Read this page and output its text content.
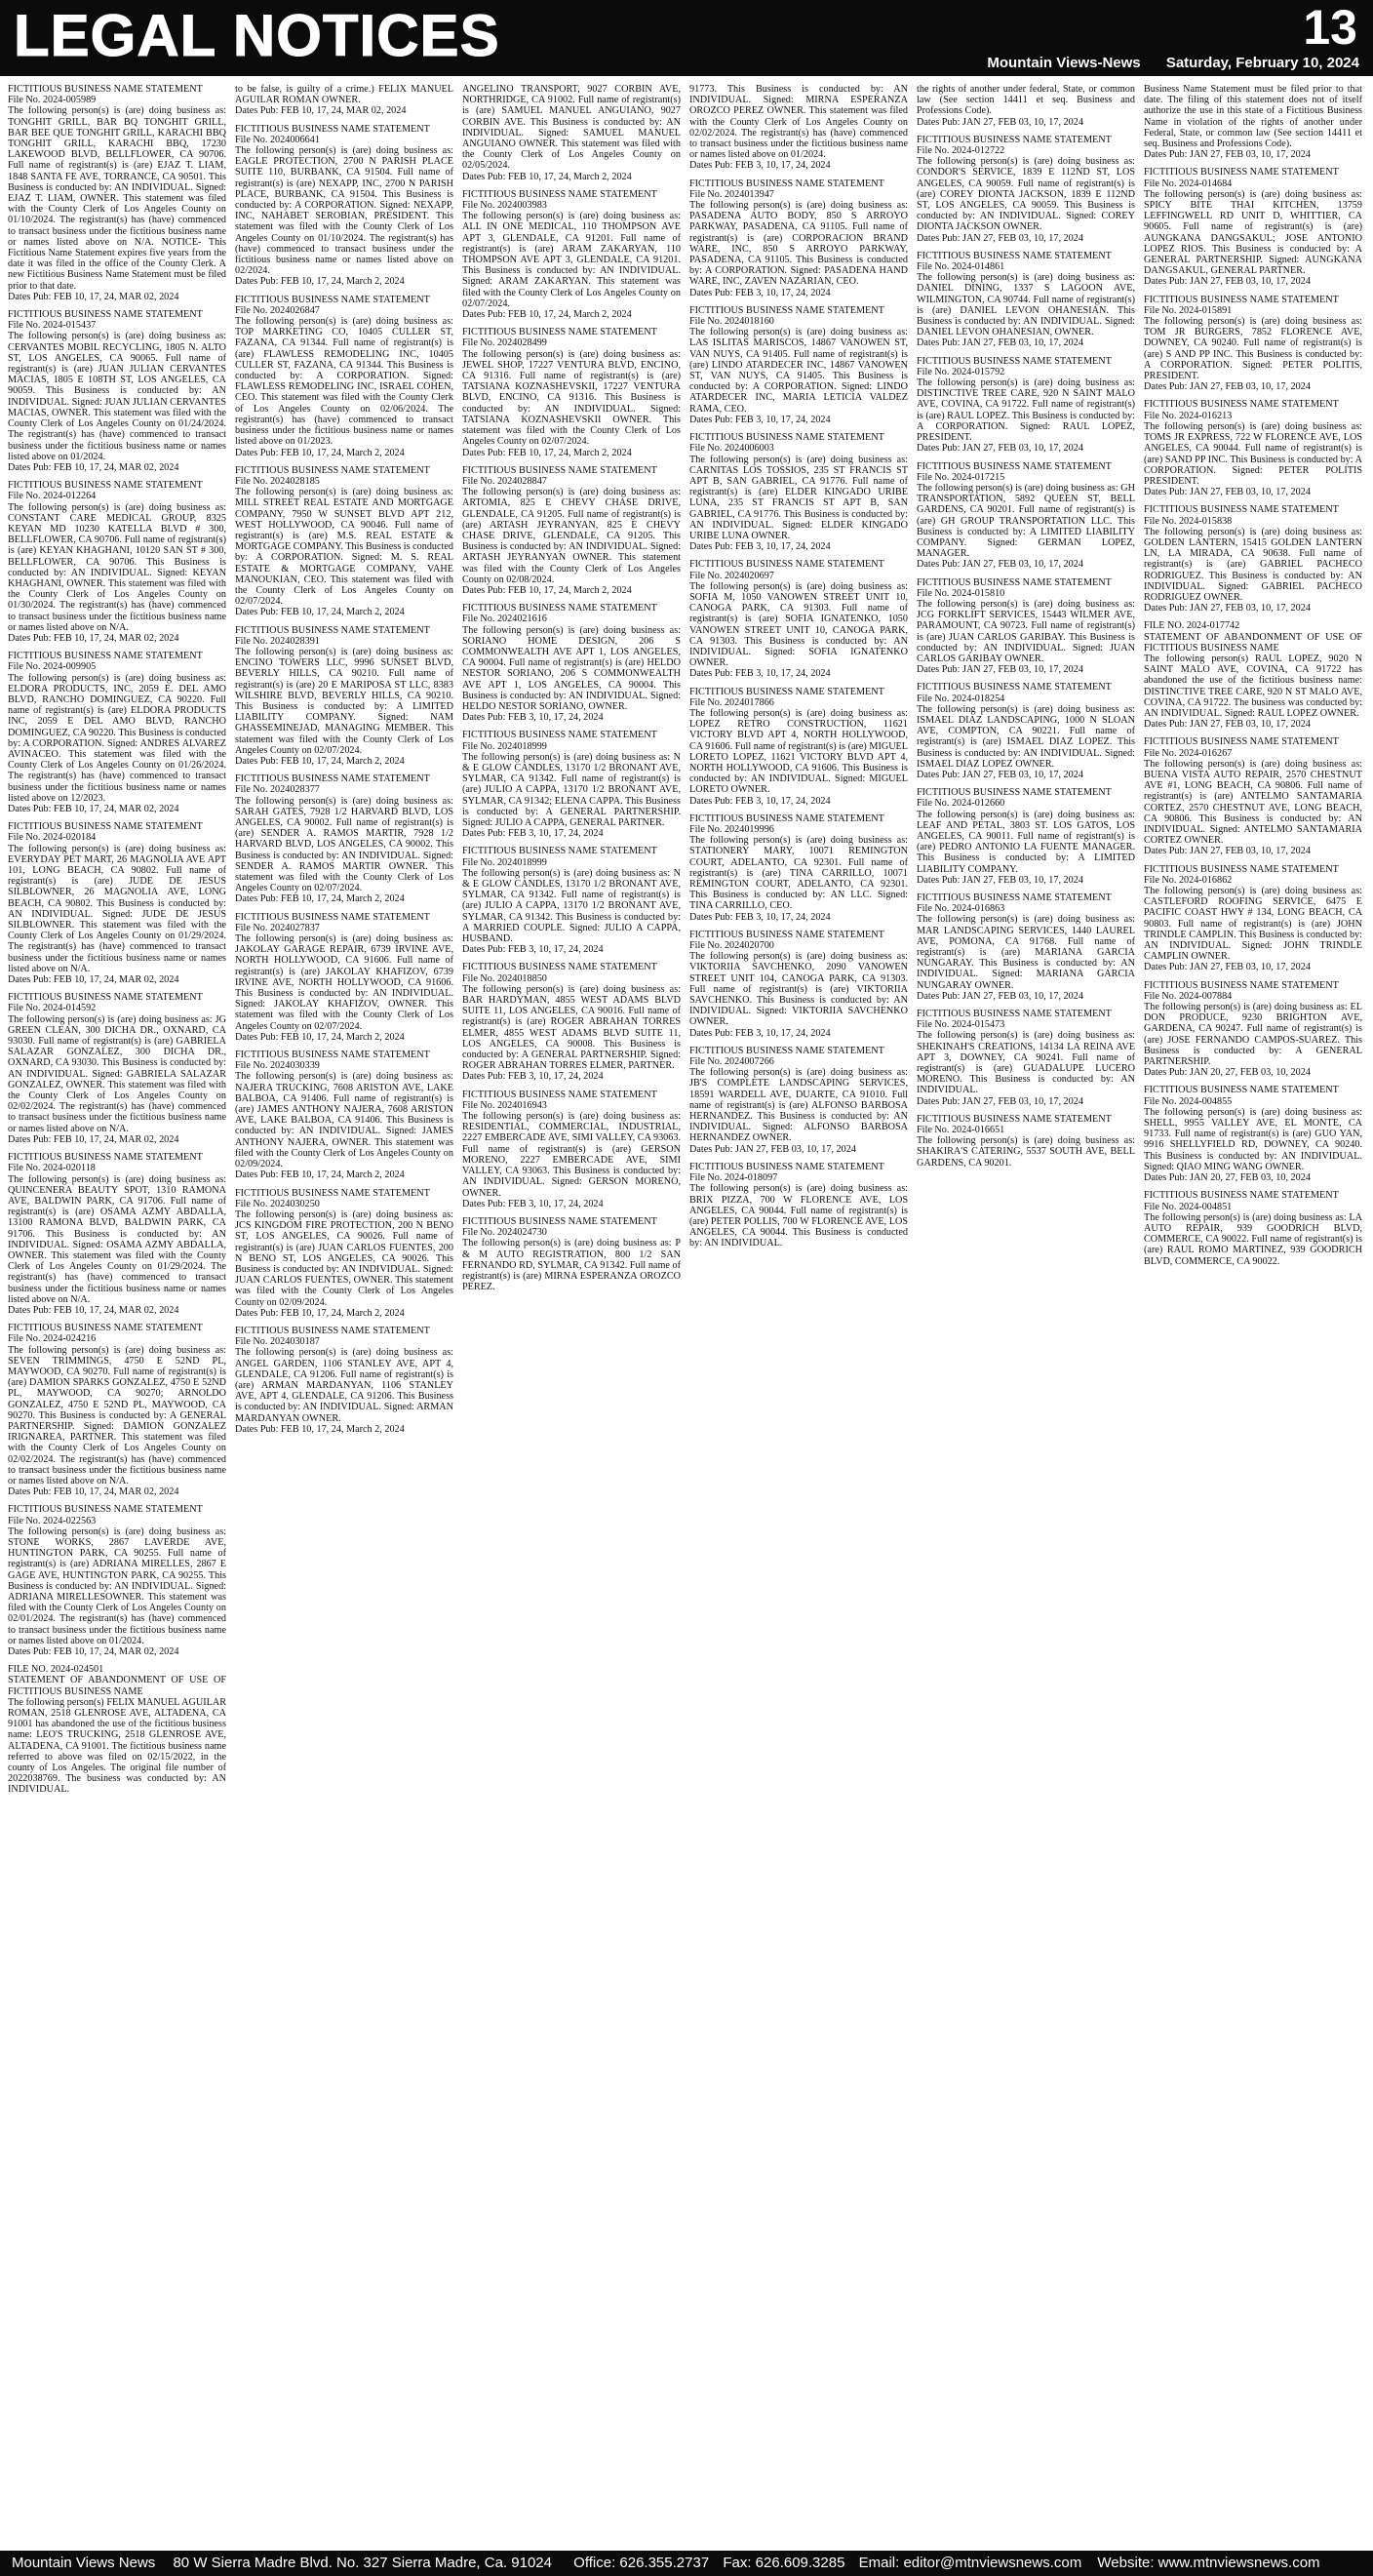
LEGAL NOTICES	13
Mountain Views-News Saturday, February 10, 2024
FICTITIOUS BUSINESS NAME STATEMENT
File No. 2024-005989
The following person(s) is (are) doing business as: TONGHIT GRILL, BAR BQ TONGHIT GRILL, BAR BEE QUE TONGHIT GRILL, KARACHI BBQ TONGHIT GRILL, KARACHI BBQ, 17230 LAKEWOOD BLVD, BELLFLOWER, CA 90706. Full name of registrant(s) is (are) EJAZ T. LIAM, 1848 SANTA FE AVE, TORRANCE, CA 90501. This Business is conducted by: AN INDIVIDUAL. Signed: EJAZ T. LIAM, OWNER. This statement was filed with the County Clerk of Los Angeles County on 01/10/2024. The registrant(s) has (have) commenced to transact business under the fictitious business name or names listed above on N/A. NOTICE- This Fictitious Name Statement expires five years from the date it was filed in the office of the County Clerk. A new Fictitious Business Name Statement must be filed prior to that date.
Dates Pub: FEB 10, 17, 24, MAR 02, 2024
FICTITIOUS BUSINESS NAME STATEMENT
File No. 2024-015437
The following person(s) is (are) doing business as: CERVANTES MOBIL RECYCLING, 1805 N. ALTO ST, LOS ANGELES, CA 90065. Full name of registrant(s) is (are) JUAN JULIAN CERVANTES MACIAS, 1805 E 108TH ST, LOS ANGELES, CA 90059. This Business is conducted by: AN INDIVIDUAL. Signed: JUAN JULIAN CERVANTES MACIAS, OWNER. This statement was filed with the County Clerk of Los Angeles County on 01/24/2024. The registrant(s) has (have) commenced to transact business under the fictitious business name or names listed above on 01/2024.
Dates Pub: FEB 10, 17, 24, MAR 02, 2024
FICTITIOUS BUSINESS NAME STATEMENT
File No. 2024-012264
The following person(s) is (are) doing business as: CONSTANT CARE MEDICAL GROUP, 8325 KEYAN MD 10230 KATELLA BLVD # 300, BELLFLOWER, CA 90706. Full name of registrant(s) is (are) KEYAN KHAGHANI, 10120 SAN ST # 300, BELLFLOWER, CA 90706. This Business is conducted by: AN INDIVIDUAL. Signed: KEYAN KHAGHANI, OWNER. This statement was filed with the County Clerk of Los Angeles County on 01/30/2024. The registrant(s) has (have) commenced to transact business under the fictitious business name or names listed above on N/A.
Dates Pub: FEB 10, 17, 24, MAR 02, 2024
FICTITIOUS BUSINESS NAME STATEMENT
File No. 2024-009905
The following person(s) is (are) doing business as: ELDORA PRODUCTS, INC, 2059 E. DEL AMO BLVD, RANCHO DOMINGUEZ, CA 90220. Full name of registrant(s) is (are) ELDORA PRODUCTS INC, 2059 E DEL AMO BLVD, RANCHO DOMINGUEZ, CA 90220. This Business is conducted by: A CORPORATION. Signed: ANDRES ALVAREZ AVINACEO. This statement was filed with the County Clerk of Los Angeles County on 01/26/2024. The registrant(s) has (have) commenced to transact business under the fictitious business name or names listed above on 12/2023.
Dates Pub: FEB 10, 17, 24, MAR 02, 2024
FICTITIOUS BUSINESS NAME STATEMENT
File No. 2024-020184
The following person(s) is (are) doing business as: EVERYDAY PET MART, 26 MAGNOLIA AVE APT 101, LONG BEACH, CA 90802. Full name of registrant(s) is (are) JUDE DE JESUS SILBLOWNER, 26 MAGNOLIA AVE, LONG BEACH, CA 90802. This Business is conducted by: AN INDIVIDUAL. Signed: JUDE DE JESUS SILBLOWNER. This statement was filed with the County Clerk of Los Angeles County on 01/29/2024. The registrant(s) has (have) commenced to transact business under the fictitious business name or names listed above on N/A.
Dates Pub: FEB 10, 17, 24, MAR 02, 2024
FICTITIOUS BUSINESS NAME STATEMENT
File No. 2024-014592
The following person(s) is (are) doing business as: JG GREEN CLEAN, 300 DICHA DR., OXNARD, CA 93030. Full name of registrant(s) is (are) GABRIELA SALAZAR GONZALEZ, 300 DICHA DR., OXNARD, CA 93030. This Business is conducted by: AN INDIVIDUAL. Signed: GABRIELA SALAZAR GONZALEZ, OWNER. This statement was filed with the County Clerk of Los Angeles County on 02/02/2024. The registrant(s) has (have) commenced to transact business under the fictitious business name or names listed above on N/A.
Dates Pub: FEB 10, 17, 24, MAR 02, 2024
FICTITIOUS BUSINESS NAME STATEMENT
File No. 2024-020118
The following person(s) is (are) doing business as: QUINCENERA BEAUTY SPOT, 1310 RAMONA AVE, BALDWIN PARK, CA 91706. Full name of registrant(s) is (are) OSAMA AZMY ABDALLA, 13100 RAMONA BLVD, BALDWIN PARK, CA 91706. This Business is conducted by: AN INDIVIDUAL. Signed: OSAMA AZMY ABDALLA, OWNER. This statement was filed with the County Clerk of Los Angeles County on 01/29/2024. The registrant(s) has (have) commenced to transact business under the fictitious business name or names listed above on N/A.
Dates Pub: FEB 10, 17, 24, MAR 02, 2024
FICTITIOUS BUSINESS NAME STATEMENT
File No. 2024-024216
The following person(s) is (are) doing business as: SEVEN TRIMMINGS, 4750 E 52ND PL, MAYWOOD, CA 90270. Full name of registrant(s) is (are) DAMION SPARKS GONZALEZ, 4750 E 52ND PL, MAYWOOD, CA 90270; ARNOLDO GONZALEZ, 4750 E 52ND PL, MAYWOOD, CA 90270. This Business is conducted by: A GENERAL PARTNERSHIP. Signed: DAMION GONZALEZ IRIGNAREA, PARTNER. This statement was filed with the County Clerk of Los Angeles County on 02/02/2024. The registrant(s) has (have) commenced to transact business under the fictitious business name or names listed above on N/A.
Dates Pub: FEB 10, 17, 24, MAR 02, 2024
FICTITIOUS BUSINESS NAME STATEMENT
File No. 2024-022563
The following person(s) is (are) doing business as: STONE WORKS, 2867 LAVERDE AVE, HUNTINGTON PARK, CA 90255. Full name of registrant(s) is (are) ADRIANA MIRELLES, 2867 E GAGE AVE, HUNTINGTON PARK, CA 90255. This Business is conducted by: AN INDIVIDUAL. Signed: ADRIANA MIRELLESOWNER. This statement was filed with the County Clerk of Los Angeles County on 02/01/2024. The registrant(s) has (have) commenced to transact business under the fictitious business name or names listed above on 01/2024.
Dates Pub: FEB 10, 17, 24, MAR 02, 2024
FILE NO. 2024-024501
STATEMENT OF ABANDONMENT OF USE OF FICTITIOUS BUSINESS NAME
The following person(s) FELIX MANUEL AGUILAR ROMAN, 2518 GLENROSE AVE, ALTADENA, CA 91001 has abandoned the use of the fictitious business name: LEO'S TRUCKING, 2518 GLENROSE AVE, ALTADENA, CA 91001. The fictitious business name referred to above was filed on 02/15/2022, in the county of Los Angeles. The original file number of 2022038769. The business was conducted by: AN INDIVIDUAL.
to be false, is guilty of a crime.) FELIX MANUEL AGUILAR ROMAN OWNER.
Dates Pub: FEB 10, 17, 24, MAR 02, 2024
FICTITIOUS BUSINESS NAME STATEMENT
File No. 2024006641
The following person(s) is (are) doing business as: EAGLE PROTECTION, 2700 N PARISH PLACE SUITE 110, BURBANK, CA 91504. Full name of registrant(s) is (are) NEXAPP, INC, 2700 N PARISH PLACE, BURBANK, CA 91504. This Business is conducted by: A CORPORATION. Signed: NEXAPP, INC, NAHABET SEROBIAN, PRESIDENT. This statement was filed with the County Clerk of Los Angeles County on 01/10/2024. The registrant(s) has (have) commenced to transact business under the fictitious business name or names listed above on 02/2024.
Dates Pub: FEB 10, 17, 24, March 2, 2024
FICTITIOUS BUSINESS NAME STATEMENT
File No. 2024026847
The following person(s) is (are) doing business as: TOP MARKETING CO, 10405 CULLER ST, FAZANA, CA 91344. Full name of registrant(s) is (are) FLAWLESS REMODELING INC, 10405 CULLER ST, FAZANA, CA 91344. This Business is conducted by: A CORPORATION. Signed: FLAWLESS REMODELING INC, ISRAEL COHEN, CEO. This statement was filed with the County Clerk of Los Angeles County on 02/06/2024. The registrant(s) has (have) commenced to transact business under the fictitious business name or names listed above on 01/2023.
Dates Pub: FEB 10, 17, 24, March 2, 2024
FICTITIOUS BUSINESS NAME STATEMENT
File No. 2024028185
The following person(s) is (are) doing business as: MILL STREET REAL ESTATE AND MORTGAGE COMPANY, 7950 W SUNSET BLVD APT 212, WEST HOLLYWOOD, CA 90046. Full name of registrant(s) is (are) M.S. REAL ESTATE & MORTGAGE COMPANY. This Business is conducted by: A CORPORATION. Signed: M. S. REAL ESTATE & MORTGAGE COMPANY, VAHE MANOUKIAN, CEO. This statement was filed with the County Clerk of Los Angeles County on 02/07/2024.
Dates Pub: FEB 10, 17, 24, March 2, 2024
FICTITIOUS BUSINESS NAME STATEMENT
File No. 2024028391
The following person(s) is (are) doing business as: ENCINO TOWERS LLC, 9996 SUNSET BLVD, BEVERLY HILLS, CA 90210. Full name of registrant(s) is (are) 20 E MARIPOSA ST LLC, 8383 WILSHIRE BLVD, BEVERLY HILLS, CA 90210. This Business is conducted by: A LIMITED LIABILITY COMPANY. Signed: NAM GHASSEMINEJAD, MANAGING MEMBER. This statement was filed with the County Clerk of Los Angeles County on 02/07/2024.
Dates Pub: FEB 10, 17, 24, March 2, 2024
FICTITIOUS BUSINESS NAME STATEMENT
File No. 2024028377
The following person(s) is (are) doing business as: SARAH GATES, 7928 1/2 HARVARD BLVD, LOS ANGELES, CA 90002. Full name of registrant(s) is (are) SENDER A. RAMOS MARTIR, 7928 1/2 HARVARD BLVD, LOS ANGELES, CA 90002. This Business is conducted by: AN INDIVIDUAL. Signed: SENDER A. RAMOS MARTIR OWNER. This statement was filed with the County Clerk of Los Angeles County on 02/07/2024.
Dates Pub: FEB 10, 17, 24, March 2, 2024
FICTITIOUS BUSINESS NAME STATEMENT
File No. 2024027837
The following person(s) is (are) doing business as: JAKOLAY GARAGE REPAIR, 6739 IRVINE AVE, NORTH HOLLYWOOD, CA 91606. Full name of registrant(s) is (are) JAKOLAY KHAFIZOV, 6739 IRVINE AVE, NORTH HOLLYWOOD, CA 91606. This Business is conducted by: AN INDIVIDUAL. Signed: JAKOLAY KHAFIZOV, OWNER. This statement was filed with the County Clerk of Los Angeles County on 02/07/2024.
Dates Pub: FEB 10, 17, 24, March 2, 2024
FICTITIOUS BUSINESS NAME STATEMENT
File No. 2024030339
The following person(s) is (are) doing business as: NAJERA TRUCKING, 7608 ARISTON AVE, LAKE BALBOA, CA 91406. Full name of registrant(s) is (are) JAMES ANTHONY NAJERA, 7608 ARISTON AVE, LAKE BALBOA, CA 91406. This Business is conducted by: AN INDIVIDUAL. Signed: JAMES ANTHONY NAJERA, OWNER. This statement was filed with the County Clerk of Los Angeles County on 02/09/2024.
Dates Pub: FEB 10, 17, 24, March 2, 2024
FICTITIOUS BUSINESS NAME STATEMENT
File No. 2024030250
The following person(s) is (are) doing business as: JCS KINGDOM FIRE PROTECTION, 200 N BENO ST, LOS ANGELES, CA 90026. Full name of registrant(s) is (are) JUAN CARLOS FUENTES, 200 N BENO ST, LOS ANGELES, CA 90026. This Business is conducted by: AN INDIVIDUAL. Signed: JUAN CARLOS FUENTES, OWNER. This statement was filed with the County Clerk of Los Angeles County on 02/09/2024.
Dates Pub: FEB 10, 17, 24, March 2, 2024
FICTITIOUS BUSINESS NAME STATEMENT
File No. 2024030187
The following person(s) is (are) doing business as: ANGEL GARDEN, 1106 STANLEY AVE, APT 4, GLENDALE, CA 91206. Full name of registrant(s) is (are) ARMAN MARDANYAN, 1106 STANLEY AVE, APT 4, GLENDALE, CA 91206. This Business is conducted by: AN INDIVIDUAL. Signed: ARMAN MARDANYAN OWNER.
Dates Pub: FEB 10, 17, 24, March 2, 2024
ANGELINO TRANSPORT, 9027 CORBIN AVE, NORTHRIDGE, CA 91002. Full name of registrant(s) is (are) SAMUEL MANUEL ANGUIANO, 9027 CORBIN AVE. This Business is conducted by: AN INDIVIDUAL. Signed: SAMUEL MANUEL ANGUIANO OWNER. This statement was filed with the County Clerk of Los Angeles County on 02/05/2024.
Dates Pub: FEB 10, 17, 24, March 2, 2024
FICTITIOUS BUSINESS NAME STATEMENT
File No. 2024003983
The following person(s) is (are) doing business as: ALL IN ONE MEDICAL, 110 THOMPSON AVE APT 3, GLENDALE, CA 91201. Full name of registrant(s) is (are) ARAM ZAKARYAN, 110 THOMPSON AVE APT 3, GLENDALE, CA 91201. This Business is conducted by: AN INDIVIDUAL. Signed: ARAM ZAKARYAN. This statement was filed with the County Clerk of Los Angeles County on 02/07/2024.
Dates Pub: FEB 10, 17, 24, March 2, 2024
FICTITIOUS BUSINESS NAME STATEMENT
File No. 2024028499
The following person(s) is (are) doing business as: JEWEL SHOP, 17227 VENTURA BLVD, ENCINO, CA 91316. Full name of registrant(s) is (are) TATSIANA KOZNASHEVSKII, 17227 VENTURA BLVD, ENCINO, CA 91316. This Business is conducted by: AN INDIVIDUAL. Signed: TATSIANA KOZNASHEVSKII OWNER. This statement was filed with the County Clerk of Los Angeles County on 02/07/2024.
Dates Pub: FEB 10, 17, 24, March 2, 2024
FICTITIOUS BUSINESS NAME STATEMENT
File No. 2024028847
The following person(s) is (are) doing business as: ARTOMIA, 825 E CHEVY CHASE DRIVE, GLENDALE, CA 91205. Full name of registrant(s) is (are) ARTASH JEYRANYAN, 825 E CHEVY CHASE DRIVE, GLENDALE, CA 91205. This Business is conducted by: AN INDIVIDUAL. Signed: ARTASH JEYRANYAN OWNER. This statement was filed with the County Clerk of Los Angeles County on 02/08/2024.
Dates Pub: FEB 10, 17, 24, March 2, 2024
FICTITIOUS BUSINESS NAME STATEMENT
File No. 2024021616
The following person(s) is (are) doing business as: SORIANO HOME DESIGN, 206 S COMMONWEALTH AVE APT 1, LOS ANGELES, CA 90004. Full name of registrant(s) is (are) HELDO NESTOR SORIANO, 206 S COMMONWEALTH AVE APT 1, LOS ANGELES, CA 90004. This Business is conducted by: AN INDIVIDUAL. Signed: HELDO NESTOR SORIANO, OWNER.
Dates Pub: FEB 3, 10, 17, 24, 2024
FICTITIOUS BUSINESS NAME STATEMENT
File No. 2024018999
The following person(s) is (are) doing business as: N & E GLOW CANDLES, 13170 1/2 BRONANT AVE, SYLMAR, CA 91342. Full name of registrant(s) is (are) JULIO A CAPPA, 13170 1/2 BRONANT AVE, SYLMAR, CA 91342; ELENA CAPPA. This Business is conducted by: A GENERAL PARTNERSHIP. Signed: JULIO A CAPPA, GENERAL PARTNER.
Dates Pub: FEB 3, 10, 17, 24, 2024
FICTITIOUS BUSINESS NAME STATEMENT
File No. 2024018999
The following person(s) is (are) doing business as: N & E GLOW CANDLES, 13170 1/2 BRONANT AVE, SYLMAR, CA 91342. Full name of registrant(s) is (are) JULIO A CAPPA, 13170 1/2 BRONANT AVE, SYLMAR, CA 91342. This Business is conducted by: A MARRIED COUPLE. Signed: JULIO A CAPPA, HUSBAND.
Dates Pub: FEB 3, 10, 17, 24, 2024
FICTITIOUS BUSINESS NAME STATEMENT
File No. 2024018850
The following person(s) is (are) doing business as: BAR HARDYMAN, 4855 WEST ADAMS BLVD SUITE 11, LOS ANGELES, CA 90016. Full name of registrant(s) is (are) ROGER ABRAHAN TORRES ELMER, 4855 WEST ADAMS BLVD SUITE 11, LOS ANGELES, CA 90008. This Business is conducted by: A GENERAL PARTNERSHIP. Signed: ROGER ABRAHAN TORRES ELMER, PARTNER.
Dates Pub: FEB 3, 10, 17, 24, 2024
FICTITIOUS BUSINESS NAME STATEMENT
File No. 2024016943
The following person(s) is (are) doing business as: RESIDENTIAL, COMMERCIAL, INDUSTRIAL, 2227 EMBERCADE AVE, SIMI VALLEY, CA 93063. Full name of registrant(s) is (are) GERSON MORENO, 2227 EMBERCADE AVE, SIMI VALLEY, CA 93063. This Business is conducted by: AN INDIVIDUAL. Signed: GERSON MORENO, OWNER.
Dates Pub: FEB 3, 10, 17, 24, 2024
FICTITIOUS BUSINESS NAME STATEMENT
File No. 2024024730
The following person(s) is (are) doing business as: P & M AUTO REGISTRATION, 800 1/2 SAN FERNANDO RD, SYLMAR, CA 91342. Full name of registrant(s) is (are) MIRNA ESPERANZA OROZCO PEREZ.
91773. This Business is conducted by: AN INDIVIDUAL. Signed: MIRNA ESPERANZA OROZCO PEREZ OWNER. This statement was filed with the County Clerk of Los Angeles County on 02/02/2024. The registrant(s) has (have) commenced to transact business under the fictitious business name or names listed above on 01/2024.
Dates Pub: FEB 3, 10, 17, 24, 2024
FICTITIOUS BUSINESS NAME STATEMENT
File No. 2024013947
The following person(s) is (are) doing business as: PASADENA AUTO BODY, 850 S ARROYO PARKWAY, PASADENA, CA 91105. Full name of registrant(s) is (are) CORPORACION BRAND WARE, INC, 850 S ARROYO PARKWAY, PASADENA, CA 91105. This Business is conducted by: A CORPORATION. Signed: PASADENA HAND WARE, INC, ZAVEN NAZARIAN, CEO.
Dates Pub: FEB 3, 10, 17, 24, 2024
FICTITIOUS BUSINESS NAME STATEMENT
File No. 2024018160
The following person(s) is (are) doing business as: LAS ISLITAS MARISCOS, 14867 VANOWEN ST, VAN NUYS, CA 91405. Full name of registrant(s) is (are) LINDO ATARDECER INC, 14867 VANOWEN ST, VAN NUYS, CA 91405. This Business is conducted by: A CORPORATION. Signed: LINDO ATARDECER INC, MARIA LETICIA VALDEZ RAMA, CEO.
Dates Pub: FEB 3, 10, 17, 24, 2024
FICTITIOUS BUSINESS NAME STATEMENT
File No. 2024006003
The following person(s) is (are) doing business as: CARNITAS LOS TOSSIOS, 235 ST FRANCIS ST APT B, SAN GABRIEL, CA 91776. Full name of registrant(s) is (are) ELDER KINGADO URIBE LUNA, 235 ST FRANCIS ST APT B, SAN GABRIEL, CA 91776. This Business is conducted by: AN INDIVIDUAL. Signed: ELDER KINGADO URIBE LUNA OWNER.
Dates Pub: FEB 3, 10, 17, 24, 2024
FICTITIOUS BUSINESS NAME STATEMENT
File No. 2024020697
The following person(s) is (are) doing business as: SOFIA M, 1050 VANOWEN STREET UNIT 10, CANOGA PARK, CA 91303. Full name of registrant(s) is (are) SOFIA IGNATENKO, 1050 VANOWEN STREET UNIT 10, CANOGA PARK, CA 91303. This Business is conducted by: AN INDIVIDUAL. Signed: SOFIA IGNATENKO OWNER.
Dates Pub: FEB 3, 10, 17, 24, 2024
FICTITIOUS BUSINESS NAME STATEMENT
File No. 2024017866
The following person(s) is (are) doing business as: LOPEZ RETRO CONSTRUCTION, 11621 VICTORY BLVD APT 4, NORTH HOLLYWOOD, CA 91606. Full name of registrant(s) is (are) MIGUEL LORETO LOPEZ, 11621 VICTORY BLVD APT 4, NORTH HOLLYWOOD, CA 91606. This Business is conducted by: AN INDIVIDUAL. Signed: MIGUEL LORETO OWNER.
Dates Pub: FEB 3, 10, 17, 24, 2024
FICTITIOUS BUSINESS NAME STATEMENT
File No. 2024019996
The following person(s) is (are) doing business as: STATIONERY MARY, 10071 REMINGTON COURT, ADELANTO, CA 92301. Full name of registrant(s) is (are) TINA CARRILLO, 10071 REMINGTON COURT, ADELANTO, CA 92301. This Business is conducted by: AN LLC. Signed: TINA CARRILLO, CEO.
Dates Pub: FEB 3, 10, 17, 24, 2024
FICTITIOUS BUSINESS NAME STATEMENT
File No. 2024020700
The following person(s) is (are) doing business as: VIKTORIIA SAVCHENKO, 2090 VANOWEN STREET UNIT 104, CANOGA PARK, CA 91303. Full name of registrant(s) is (are) VIKTORIIA SAVCHENKO. This Business is conducted by: AN INDIVIDUAL. Signed: VIKTORIIA SAVCHENKO OWNER.
Dates Pub: FEB 3, 10, 17, 24, 2024
FICTITIOUS BUSINESS NAME STATEMENT
File No. 2024007266
The following person(s) is (are) doing business as: JB'S COMPLETE LANDSCAPING SERVICES, 18591 WARDELL AVE, DUARTE, CA 91010. Full name of registrant(s) is (are) ALFONSO BARBOSA HERNANDEZ. This Business is conducted by: AN INDIVIDUAL. Signed: ALFONSO BARBOSA HERNANDEZ OWNER.
Dates Pub: JAN 27, FEB 03, 10, 17, 2024
FICTITIOUS BUSINESS NAME STATEMENT
File No. 2024-018097
The following person(s) is (are) doing business as: BRIX PIZZA, 700 W FLORENCE AVE, LOS ANGELES, CA 90044. Full name of registrant(s) is (are) PETER POLLIS, 700 W FLORENCE AVE, LOS ANGELES, CA 90044. This Business is conducted by: AN INDIVIDUAL.
the rights of another under federal, State, or common law (See section 14411 et seq. Business and Professions Code).
Dates Pub: JAN 27, FEB 03, 10, 17, 2024
FICTITIOUS BUSINESS NAME STATEMENT
File No. 2024-012722
The following person(s) is (are) doing business as: CONDOR'S SERVICE, 1839 E 112ND ST, LOS ANGELES, CA 90059. Full name of registrant(s) is (are) COREY DIONTA JACKSON, 1839 E 112ND ST, LOS ANGELES, CA 90059. This Business is conducted by: AN INDIVIDUAL. Signed: COREY DIONTA JACKSON OWNER.
Dates Pub: JAN 27, FEB 03, 10, 17, 2024
FICTITIOUS BUSINESS NAME STATEMENT
File No. 2024-014861
The following person(s) is (are) doing business as: DANIEL DINING, 1337 S LAGOON AVE, WILMINGTON, CA 90744. Full name of registrant(s) is (are) DANIEL LEVON OHANESIAN. This Business is conducted by: AN INDIVIDUAL. Signed: DANIEL LEVON OHANESIAN, OWNER.
Dates Pub: JAN 27, FEB 03, 10, 17, 2024
FICTITIOUS BUSINESS NAME STATEMENT
File No. 2024-015792
The following person(s) is (are) doing business as: DISTINCTIVE TREE CARE, 920 N SAINT MALO AVE, COVINA, CA 91722. Full name of registrant(s) is (are) RAUL LOPEZ. This Business is conducted by: A CORPORATION. Signed: RAUL LOPEZ, PRESIDENT.
Dates Pub: JAN 27, FEB 03, 10, 17, 2024
FICTITIOUS BUSINESS NAME STATEMENT
File No. 2024-017215
The following person(s) is (are) doing business as: GH TRANSPORTATION, 5892 QUEEN ST, BELL GARDENS, CA 90201. Full name of registrant(s) is (are) GH GROUP TRANSPORTATION LLC. This Business is conducted by: A LIMITED LIABILITY COMPANY. Signed: GERMAN LOPEZ, MANAGER.
Dates Pub: JAN 27, FEB 03, 10, 17, 2024
FICTITIOUS BUSINESS NAME STATEMENT
File No. 2024-015810
The following person(s) is (are) doing business as: JCG FORKLIFT SERVICES, 15443 WILMER AVE, PARAMOUNT, CA 90723. Full name of registrant(s) is (are) JUAN CARLOS GARIBAY. This Business is conducted by: AN INDIVIDUAL. Signed: JUAN CARLOS GARIBAY OWNER.
Dates Pub: JAN 27, FEB 03, 10, 17, 2024
FICTITIOUS BUSINESS NAME STATEMENT
File No. 2024-018254
The following person(s) is (are) doing business as: ISMAEL DIAZ LANDSCAPING, 1000 N SLOAN AVE, COMPTON, CA 90221. Full name of registrant(s) is (are) ISMAEL DIAZ LOPEZ. This Business is conducted by: AN INDIVIDUAL. Signed: ISMAEL DIAZ LOPEZ OWNER.
Dates Pub: JAN 27, FEB 03, 10, 17, 2024
FICTITIOUS BUSINESS NAME STATEMENT
File No. 2024-012660
The following person(s) is (are) doing business as: LEAF AND PETAL, 3803 ST. LOS GATOS, LOS ANGELES, CA 90011. Full name of registrant(s) is (are) PEDRO ANTONIO LA FUENTE MANAGER. This Business is conducted by: A LIMITED LIABILITY COMPANY.
Dates Pub: JAN 27, FEB 03, 10, 17, 2024
FICTITIOUS BUSINESS NAME STATEMENT
File No. 2024-016863
The following person(s) is (are) doing business as: MAR LANDSCAPING SERVICES, 1440 LAUREL AVE, POMONA, CA 91768. Full name of registrant(s) is (are) MARIANA GARCIA NUNGARAY. This Business is conducted by: AN INDIVIDUAL. Signed: MARIANA GARCIA NUNGARAY OWNER.
Dates Pub: JAN 27, FEB 03, 10, 17, 2024
FICTITIOUS BUSINESS NAME STATEMENT
File No. 2024-015473
The following person(s) is (are) doing business as: SHEKINAH'S CREATIONS, 14134 LA REINA AVE APT 3, DOWNEY, CA 90241. Full name of registrant(s) is (are) GUADALUPE LUCERO MORENO. This Business is conducted by: AN INDIVIDUAL.
Dates Pub: JAN 27, FEB 03, 10, 17, 2024
FICTITIOUS BUSINESS NAME STATEMENT
File No. 2024-016651
The following person(s) is (are) doing business as: SHAKIRA'S CATERING, 5537 SOUTH AVE, BELL GARDENS, CA 90201.
Business Name Statement must be filed prior to that date. The filing of this statement does not of itself authorize the use in this state of a Fictitious Business Name in violation of the rights of another under Federal, State, or common law (See section 14411 et seq. Business and Professions Code).
Dates Pub: JAN 27, FEB 03, 10, 17, 2024
FICTITIOUS BUSINESS NAME STATEMENT
File No. 2024-014684
The following person(s) is (are) doing business as: SPICY BITE THAI KITCHEN, 13759 LEFFINGWELL RD UNIT D, WHITTIER, CA 90605. Full name of registrant(s) is (are) AUNGKANA DANGSAKUL; JOSE ANTONIO LOPEZ RIOS. This Business is conducted by: A GENERAL PARTNERSHIP. Signed: AUNGKANA DANGSAKUL, GENERAL PARTNER.
Dates Pub: JAN 27, FEB 03, 10, 17, 2024
FICTITIOUS BUSINESS NAME STATEMENT
File No. 2024-015891
The following person(s) is (are) doing business as: TOM JR BURGERS, 7852 FLORENCE AVE, DOWNEY, CA 90240. Full name of registrant(s) is (are) S AND PP INC. This Business is conducted by: A CORPORATION. Signed: PETER POLITIS, PRESIDENT.
Dates Pub: JAN 27, FEB 03, 10, 17, 2024
FICTITIOUS BUSINESS NAME STATEMENT
File No. 2024-016213
The following person(s) is (are) doing business as: TOMS JR EXPRESS, 722 W FLORENCE AVE, LOS ANGELES, CA 90044. Full name of registrant(s) is (are) SAND PP INC. This Business is conducted by: A CORPORATION. Signed: PETER POLITIS PRESIDENT.
Dates Pub: JAN 27, FEB 03, 10, 17, 2024
FICTITIOUS BUSINESS NAME STATEMENT
File No. 2024-015838
The following person(s) is (are) doing business as: GOLDEN LANTERN, 15415 GOLDEN LANTERN LN, LA MIRADA, CA 90638. Full name of registrant(s) is (are) GABRIEL PACHECO RODRIGUEZ. This Business is conducted by: AN INDIVIDUAL. Signed: GABRIEL PACHECO RODRIGUEZ OWNER.
Dates Pub: JAN 27, FEB 03, 10, 17, 2024
FILE NO. 2024-017742
STATEMENT OF ABANDONMENT OF USE OF FICTITIOUS BUSINESS NAME
The following person(s) RAUL LOPEZ, 9020 N SAINT MALO AVE, COVINA, CA 91722 has abandoned the use of the fictitious business name: DISTINCTIVE TREE CARE, 920 N ST MALO AVE, COVINA, CA 91722. The business was conducted by: AN INDIVIDUAL. Signed: RAUL LOPEZ OWNER.
Dates Pub: JAN 27, FEB 03, 10, 17, 2024
FICTITIOUS BUSINESS NAME STATEMENT
File No. 2024-016267
The following person(s) is (are) doing business as: BUENA VISTA AUTO REPAIR, 2570 CHESTNUT AVE #1, LONG BEACH, CA 90806. Full name of registrant(s) is (are) ANTELMO SANTAMARIA CORTEZ, 2570 CHESTNUT AVE, LONG BEACH, CA 90806. This Business is conducted by: AN INDIVIDUAL. Signed: ANTELMO SANTAMARIA CORTEZ OWNER.
Dates Pub: JAN 27, FEB 03, 10, 17, 2024
FICTITIOUS BUSINESS NAME STATEMENT
File No. 2024-016862
The following person(s) is (are) doing business as: CASTLEFORD ROOFING SERVICE, 6475 E PACIFIC COAST HWY # 134, LONG BEACH, CA 90803. Full name of registrant(s) is (are) JOHN TRINDLE CAMPLIN. This Business is conducted by: AN INDIVIDUAL. Signed: JOHN TRINDLE CAMPLIN OWNER.
Dates Pub: JAN 27, FEB 03, 10, 17, 2024
FICTITIOUS BUSINESS NAME STATEMENT
File No. 2024-007884
The following person(s) is (are) doing business as: EL DON PRODUCE, 9230 BRIGHTON AVE, GARDENA, CA 90247. Full name of registrant(s) is (are) JOSE FERNANDO CAMPOS-SUAREZ. This Business is conducted by: A GENERAL PARTNERSHIP.
Dates Pub: JAN 20, 27, FEB 03, 10, 2024
FICTITIOUS BUSINESS NAME STATEMENT
File No. 2024-004855
The following person(s) is (are) doing business as: SHELL, 9955 VALLEY AVE, EL MONTE, CA 91733. Full name of registrant(s) is (are) GUO YAN, 9916 SHELLYFIELD RD, DOWNEY, CA 90240. This Business is conducted by: AN INDIVIDUAL. Signed: QIAO MING WANG OWNER.
Dates Pub: JAN 20, 27, FEB 03, 10, 2024
FICTITIOUS BUSINESS NAME STATEMENT
File No. 2024-004851
The following person(s) is (are) doing business as: LA AUTO REPAIR, 939 GOODRICH BLVD, COMMERCE, CA 90022. Full name of registrant(s) is (are) RAUL ROMO MARTINEZ, 939 GOODRICH BLVD, COMMERCE, CA 90022.
Mountain Views News 80 W Sierra Madre Blvd. No. 327 Sierra Madre, Ca. 91024 Office: 626.355.2737 Fax: 626.609.3285 Email: editor@mtnviewsnews.com Website: www.mtnviewsnews.com
